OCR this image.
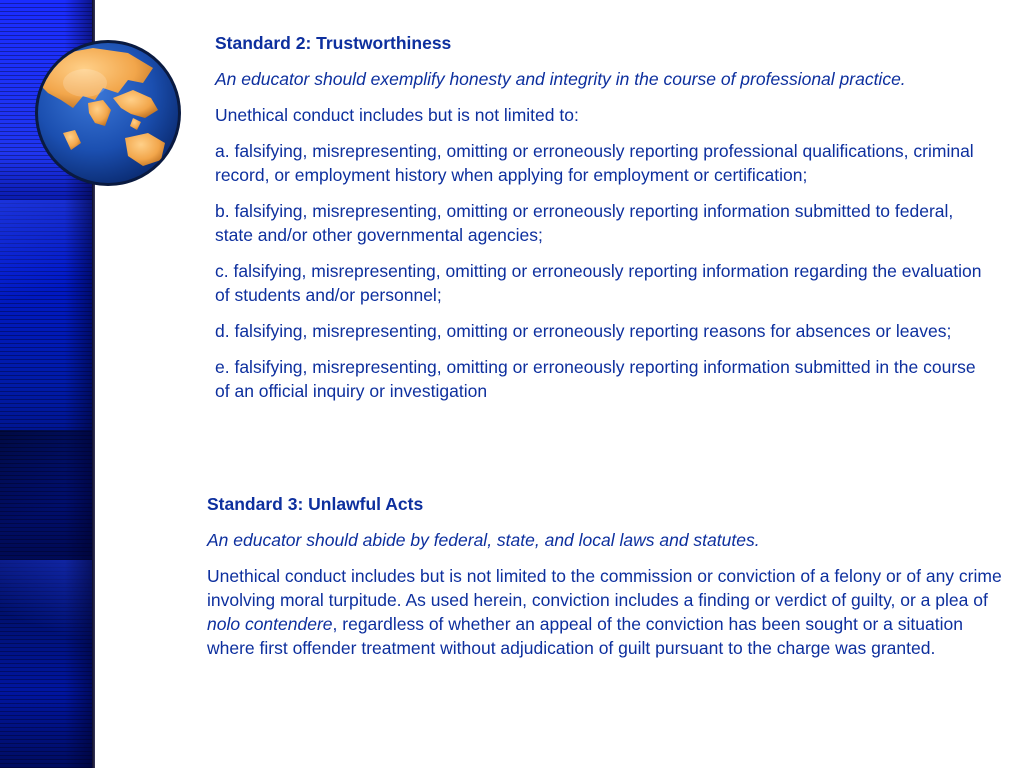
Standard 2: Trustworthiness

An educator should exemplify honesty and integrity in the course of professional practice.

Unethical conduct includes but is not limited to:

a. falsifying, misrepresenting, omitting or erroneously reporting professional qualifications, criminal record, or employment history when applying for employment or certification;

b. falsifying, misrepresenting, omitting or erroneously reporting information submitted to federal, state and/or other governmental agencies;

c. falsifying, misrepresenting, omitting or erroneously reporting information regarding the evaluation of students and/or personnel;

d. falsifying, misrepresenting, omitting or erroneously reporting reasons for absences or leaves;

e. falsifying, misrepresenting, omitting or erroneously reporting information submitted in the course of an official inquiry or investigation

Standard 3: Unlawful Acts

An educator should abide by federal, state, and local laws and statutes.

Unethical conduct includes but is not limited to the commission or conviction of a felony or of any crime involving moral turpitude. As used herein, conviction includes a finding or verdict of guilty, or a plea of nolo contendere, regardless of whether an appeal of the conviction has been sought or a situation where first offender treatment without adjudication of guilt pursuant to the charge was granted.
